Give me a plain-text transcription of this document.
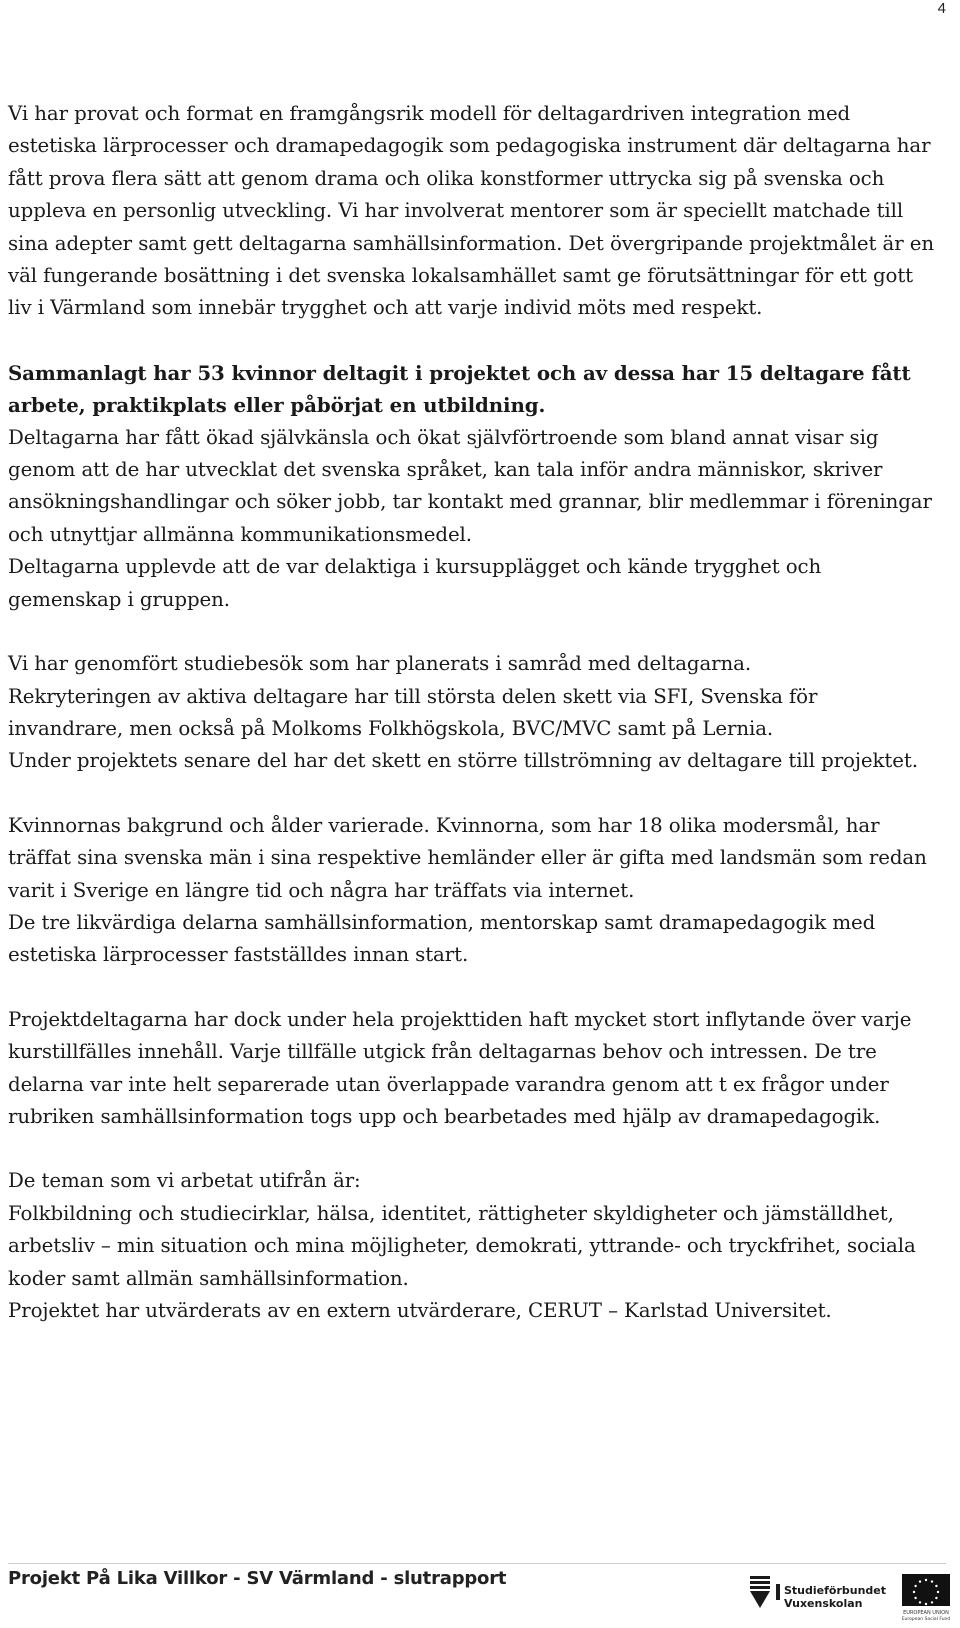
4

Vi har provat och format en framgångsrik modell för deltagardriven integration med estetiska lärprocesser och dramapedagogik som pedagogiska instrument där deltagarna har fått prova flera sätt att genom drama och olika konstformer uttrycka sig på svenska och uppleva en personlig utveckling. Vi har involverat mentorer som är speciellt matchade till sina adepter samt gett deltagarna samhällsinformation. Det övergripande projektmålet är en väl fungerande bosättning i det svenska lokalsamhället samt ge förutsättningar för ett gott liv i Värmland som innebär trygghet och att varje individ möts med respekt.

Sammanlagt har 53 kvinnor deltagit i projektet och av dessa har 15 deltagare fått arbete, praktikplats eller påbörjat en utbildning.

Deltagarna har fått ökad självkänsla och ökat självförtroende som bland annat visar sig genom att de har utvecklat det svenska språket, kan tala inför andra människor, skriver ansökningshandlingar och söker jobb, tar kontakt med grannar, blir medlemmar i föreningar och utnyttjar allmänna kommunikationsmedel.

Deltagarna upplevde att de var delaktiga i kursupplägget och kände trygghet och gemenskap i gruppen.

Vi har genomfört studiebesök som har planerats i samråd med deltagarna.

Rekryteringen av aktiva deltagare har till största delen skett via SFI, Svenska för invandrare, men också på Molkoms Folkhögskola, BVC/MVC samt på Lernia.

Under projektets senare del har det skett en större tillströmning av deltagare till projektet.

Kvinnornas bakgrund och ålder varierade. Kvinnorna, som har 18 olika modersmål, har träffat sina svenska män i sina respektive hemländer eller är gifta med landsmän som redan varit i Sverige en längre tid och några har träffats via internet.

De tre likvärdiga delarna samhällsinformation, mentorskap samt dramapedagogik med estetiska lärprocesser fastställdes innan start.

Projektdeltagarna har dock under hela projekttiden haft mycket stort inflytande över varje kurstillfälles innehåll. Varje tillfälle utgick från deltagarnas behov och intressen. De tre delarna var inte helt separerade utan överlappade varandra genom att t ex frågor under rubriken samhällsinformation togs upp och bearbetades med hjälp av dramapedagogik.

De teman som vi arbetat utifrån är:

Folkbildning och studiecirklar, hälsa, identitet, rättigheter skyldigheter och jämställdhet, arbetsliv – min situation och mina möjligheter, demokrati, yttrande- och tryckfrihet, sociala koder samt allmän samhällsinformation.

Projektet har utvärderats av en extern utvärderare, CERUT – Karlstad Universitet.

Projekt På Lika Villkor - SV Värmland - slutrapport
Studieförbundet
Vuxenskolan
EUROPEAN UNION
European Social Fund
